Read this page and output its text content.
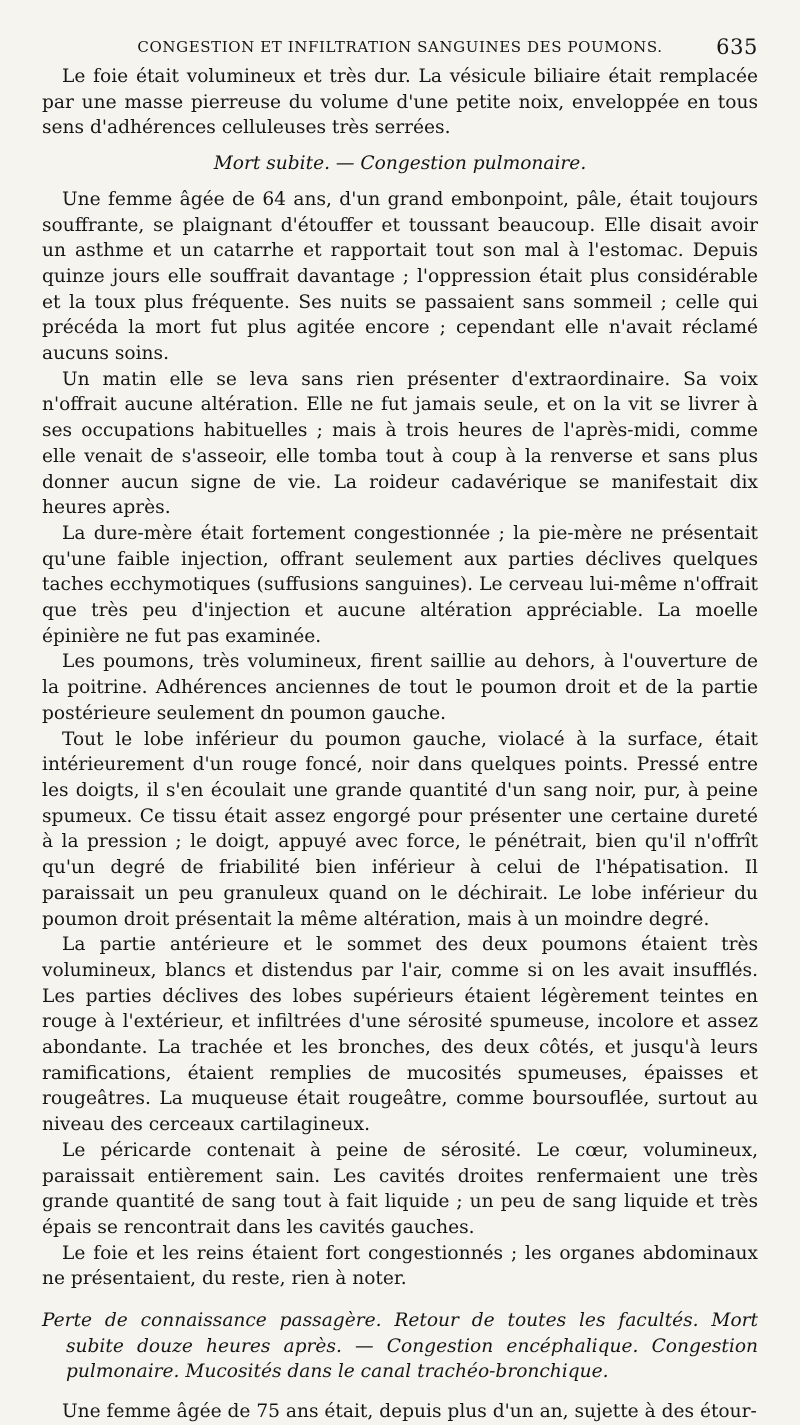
CONGESTION ET INFILTRATION SANGUINES DES POUMONS.	635

Le foie était volumineux et très dur. La vésicule biliaire était remplacée par une masse pierreuse du volume d'une petite noix, enveloppée en tous sens d'adhérences celluleuses très serrées.

Mort subite. — Congestion pulmonaire.

Une femme âgée de 64 ans, d'un grand embonpoint, pâle, était toujours souffrante, se plaignant d'étouffer et toussant beaucoup. Elle disait avoir un asthme et un catarrhe et rapportait tout son mal à l'estomac. Depuis quinze jours elle souffrait davantage ; l'oppression était plus considérable et la toux plus fréquente. Ses nuits se passaient sans sommeil ; celle qui précéda la mort fut plus agitée encore ; cependant elle n'avait réclamé aucuns soins.

Un matin elle se leva sans rien présenter d'extraordinaire. Sa voix n'offrait aucune altération. Elle ne fut jamais seule, et on la vit se livrer à ses occupations habituelles ; mais à trois heures de l'après-midi, comme elle venait de s'asseoir, elle tomba tout à coup à la renverse et sans plus donner aucun signe de vie. La roideur cadavérique se manifestait dix heures après.

La dure-mère était fortement congestionnée ; la pie-mère ne présentait qu'une faible injection, offrant seulement aux parties déclives quelques taches ecchymotiques (suffusions sanguines). Le cerveau lui-même n'offrait que très peu d'injection et aucune altération appréciable. La moelle épinière ne fut pas examinée.

Les poumons, très volumineux, firent saillie au dehors, à l'ouverture de la poitrine. Adhérences anciennes de tout le poumon droit et de la partie postérieure seulement dn poumon gauche.

Tout le lobe inférieur du poumon gauche, violacé à la surface, était intérieurement d'un rouge foncé, noir dans quelques points. Pressé entre les doigts, il s'en écoulait une grande quantité d'un sang noir, pur, à peine spumeux. Ce tissu était assez engorgé pour présenter une certaine dureté à la pression ; le doigt, appuyé avec force, le pénétrait, bien qu'il n'offrît qu'un degré de friabilité bien inférieur à celui de l'hépatisation. Il paraissait un peu granuleux quand on le déchirait. Le lobe inférieur du poumon droit présentait la même altération, mais à un moindre degré.

La partie antérieure et le sommet des deux poumons étaient très volumineux, blancs et distendus par l'air, comme si on les avait insufflés. Les parties déclives des lobes supérieurs étaient légèrement teintes en rouge à l'extérieur, et infiltrées d'une sérosité spumeuse, incolore et assez abondante. La trachée et les bronches, des deux côtés, et jusqu'à leurs ramifications, étaient remplies de mucosités spumeuses, épaisses et rougeâtres. La muqueuse était rougeâtre, comme boursouflée, surtout au niveau des cerceaux cartilagineux.

Le péricarde contenait à peine de sérosité. Le cœur, volumineux, paraissait entièrement sain. Les cavités droites renfermaient une très grande quantité de sang tout à fait liquide ; un peu de sang liquide et très épais se rencontrait dans les cavités gauches.

Le foie et les reins étaient fort congestionnés ; les organes abdominaux ne présentaient, du reste, rien à noter.

Perte de connaissance passagère. Retour de toutes les facultés. Mort subite douze heures après. — Congestion encéphalique. Congestion pulmonaire. Mucosités dans le canal trachéo-bronchique.

Une femme âgée de 75 ans était, depuis plus d'un an, sujette à des étour-
